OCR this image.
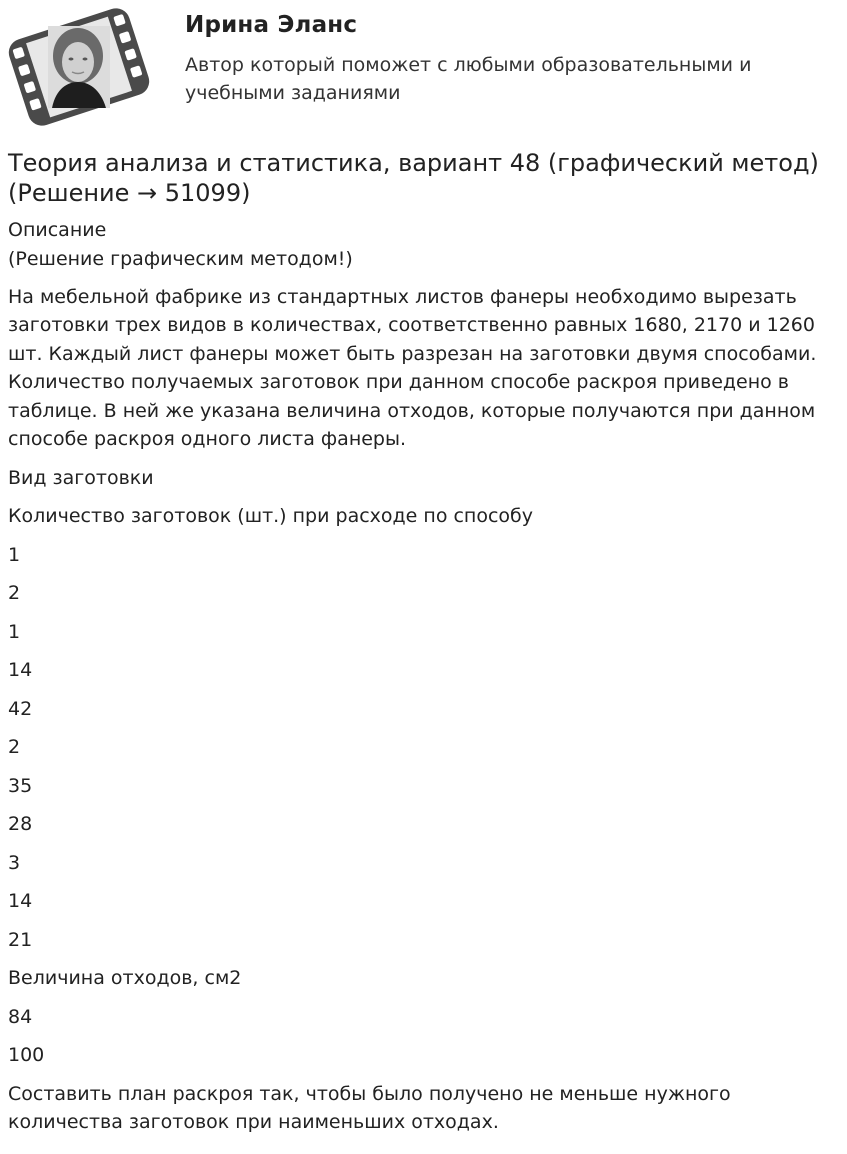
Ирина Эланс
Автор который поможет с любыми образовательными и учебными заданиями
Теория анализа и статистика, вариант 48 (графический метод) (Решение → 51099)
Описание
(Решение графическим методом!)
На мебельной фабрике из стандартных листов фанеры необходимо вырезать заготовки трех видов в количествах, соответственно равных 1680, 2170 и 1260 шт. Каждый лист фанеры может быть разрезан на заготовки двумя способами. Количество получаемых заготовок при данном способе раскроя приведено в таблице. В ней же указана величина отходов, которые получаются при данном способе раскроя одного листа фанеры.
Вид заготовки
Количество заготовок (шт.) при расходе по способу
1
2
1
14
42
2
35
28
3
14
21
Величина отходов, см2
84
100
Составить план раскроя так, чтобы было получено не меньше нужного количества заготовок при наименьших отходах.
